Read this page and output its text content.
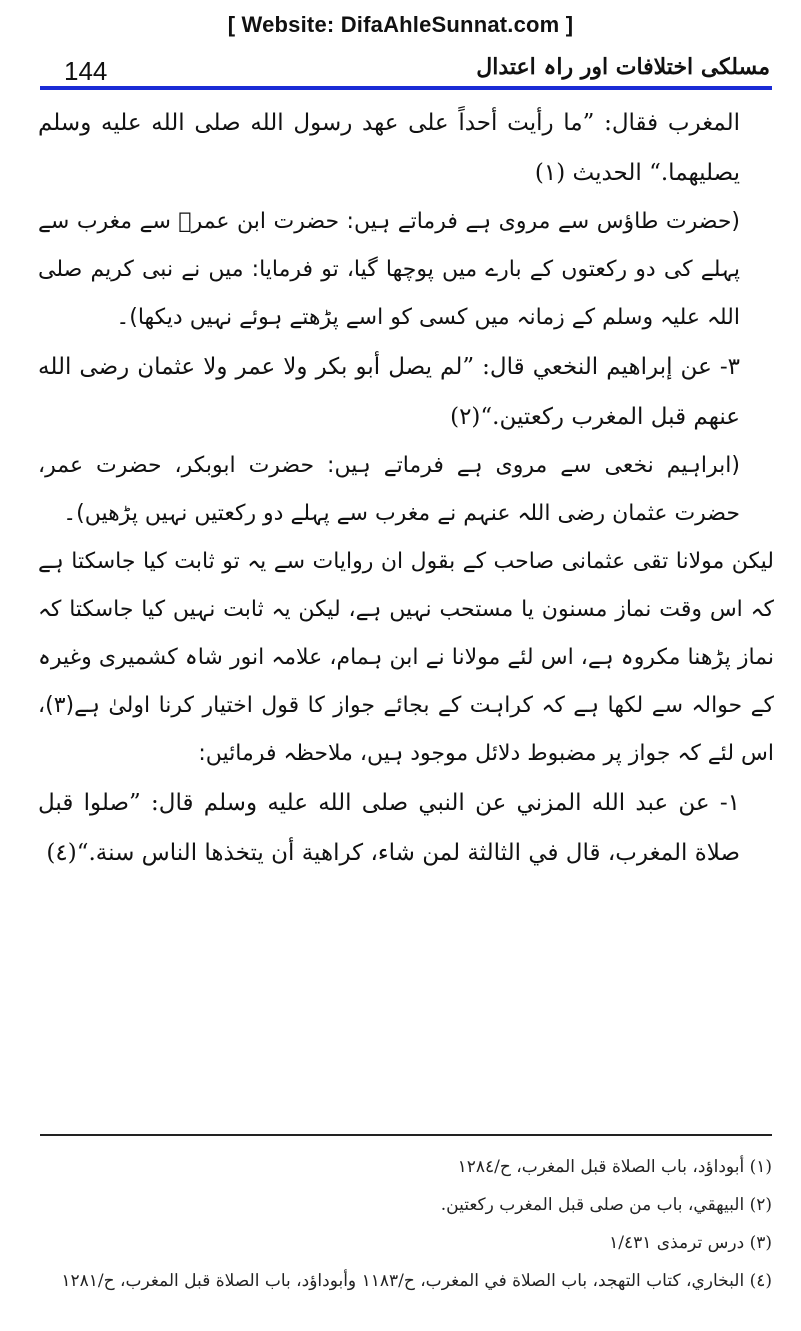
[ Website: DifaAhleSunnat.com ]
144	مسلکی اختلافات اور راہ اعتدال

المغرب فقال: ”ما رأيت أحداً على عهد رسول الله صلى الله عليه وسلم يصليهما.“ الحديث (١)

(حضرت طاؤس سے مروی ہے فرماتے ہیں: حضرت ابن عمرؓ سے مغرب سے پہلے کی دو رکعتوں کے بارے میں پوچھا گیا، تو فرمایا: میں نے نبی کریم صلی اللہ علیہ وسلم کے زمانہ میں کسی کو اسے پڑھتے ہوئے نہیں دیکھا)۔

٣- عن إبراهيم النخعي قال: ”لم يصل أبو بكر ولا عمر ولا عثمان رضى الله عنهم قبل المغرب ركعتين.“(٢)

(ابراہیم نخعی سے مروی ہے فرماتے ہیں: حضرت ابوبکر، حضرت عمر، حضرت عثمان رضی اللہ عنہم نے مغرب سے پہلے دو رکعتیں نہیں پڑھیں)۔

لیکن مولانا تقی عثمانی صاحب کے بقول ان روایات سے یہ تو ثابت کیا جاسکتا ہے کہ اس وقت نماز مسنون یا مستحب نہیں ہے، لیکن یہ ثابت نہیں کیا جاسکتا کہ نماز پڑھنا مکروہ ہے، اس لئے مولانا نے ابن ہمام، علامہ انور شاہ کشمیری وغیرہ کے حوالہ سے لکھا ہے کہ کراہت کے بجائے جواز کا قول اختیار کرنا اولیٰ ہے(٣)، اس لئے کہ جواز پر مضبوط دلائل موجود ہیں، ملاحظہ فرمائیں:

١- عن عبد الله المزني عن النبي صلى الله عليه وسلم قال: ”صلوا قبل صلاة المغرب، قال في الثالثة لمن شاء، كراهية أن يتخذها الناس سنة.“(٤)

(١) أبوداؤد، باب الصلاة قبل المغرب، ح/١٢٨٤

(٢) البيهقي، باب من صلى قبل المغرب ركعتين.

(٣) درس ترمذی ١/٤٣١

(٤) البخاري، كتاب التهجد، باب الصلاة في المغرب، ح/١١٨٣ وأبوداؤد، باب الصلاة قبل المغرب، ح/١٢٨١
